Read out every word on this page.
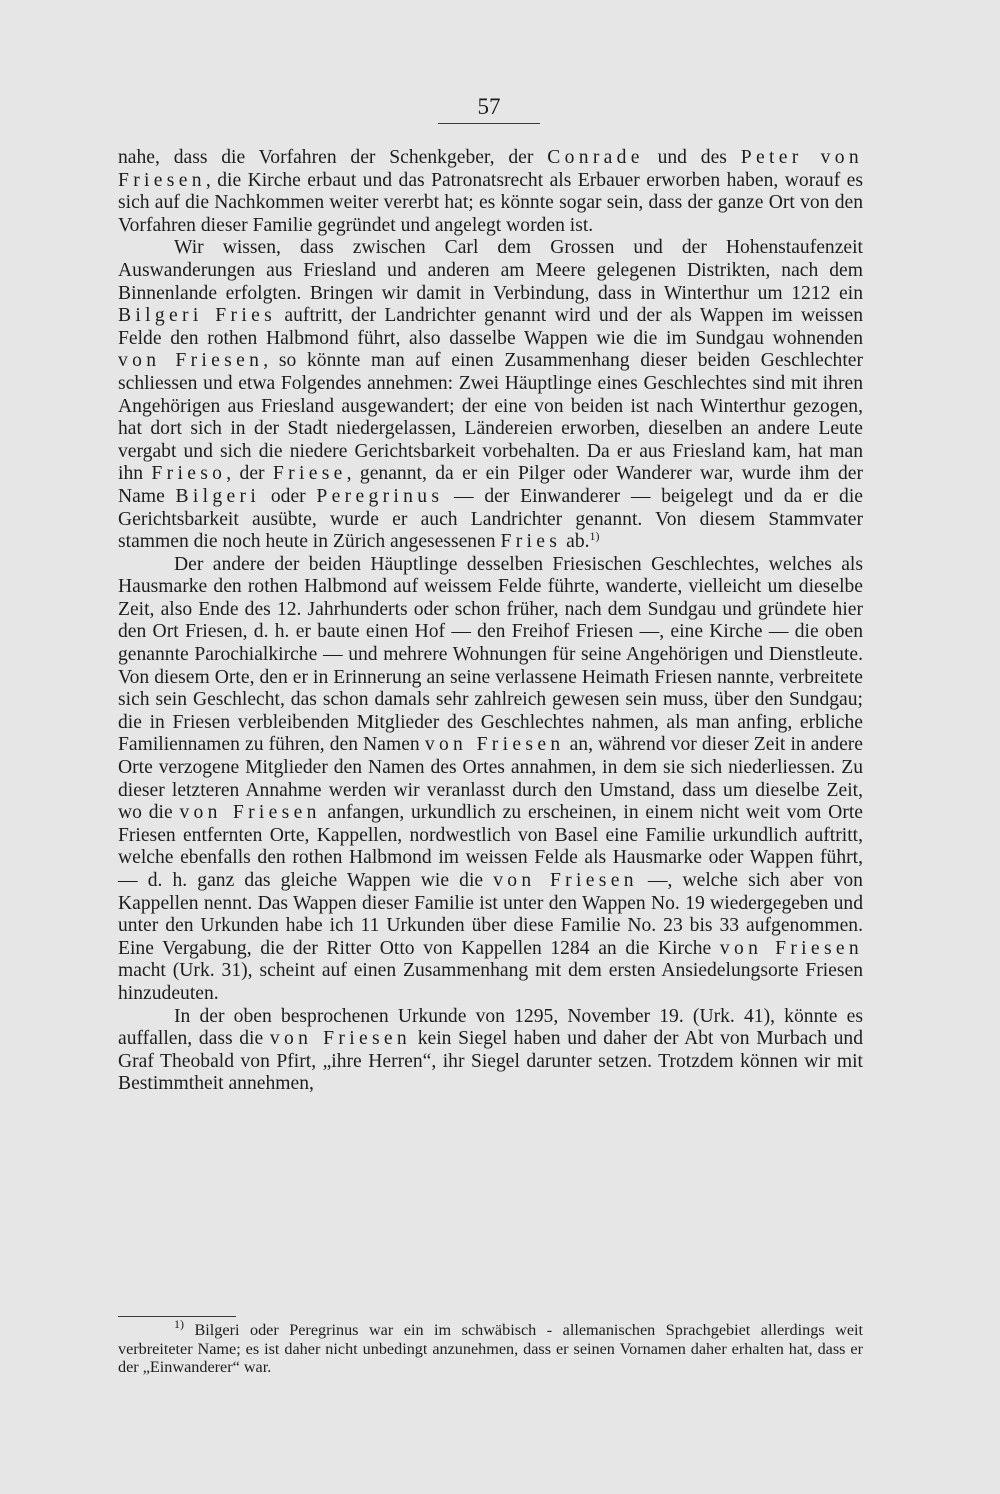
57

nahe, dass die Vorfahren der Schenkgeber, der Conrade und des Peter von Friesen, die Kirche erbaut und das Patronatsrecht als Erbauer erworben haben, worauf es sich auf die Nachkommen weiter vererbt hat; es könnte sogar sein, dass der ganze Ort von den Vorfahren dieser Familie gegründet und angelegt worden ist.

Wir wissen, dass zwischen Carl dem Grossen und der Hohenstaufenzeit Auswanderungen aus Friesland und anderen am Meere gelegenen Distrikten, nach dem Binnenlande erfolgten. Bringen wir damit in Verbindung, dass in Winterthur um 1212 ein Bilgeri Fries auftritt, der Landrichter genannt wird und der als Wappen im weissen Felde den rothen Halbmond führt, also dasselbe Wappen wie die im Sundgau wohnenden von Friesen, so könnte man auf einen Zusammenhang dieser beiden Geschlechter schliessen und etwa Folgendes annehmen: Zwei Häuptlinge eines Geschlechtes sind mit ihren Angehörigen aus Friesland ausgewandert; der eine von beiden ist nach Winterthur gezogen, hat dort sich in der Stadt niedergelassen, Ländereien erworben, dieselben an andere Leute vergabt und sich die niedere Gerichtsbarkeit vorbehalten. Da er aus Friesland kam, hat man ihn Frieso, der Friese, genannt, da er ein Pilger oder Wanderer war, wurde ihm der Name Bilgeri oder Peregrinus — der Einwanderer — beigelegt und da er die Gerichtsbarkeit ausübte, wurde er auch Landrichter genannt. Von diesem Stammvater stammen die noch heute in Zürich angesessenen Fries ab.$^{1)}$

Der andere der beiden Häuptlinge desselben Friesischen Geschlechtes, welches als Hausmarke den rothen Halbmond auf weissem Felde führte, wanderte, vielleicht um dieselbe Zeit, also Ende des 12. Jahrhunderts oder schon früher, nach dem Sundgau und gründete hier den Ort Friesen, d. h. er baute einen Hof — den Freihof Friesen —, eine Kirche — die oben genannte Parochialkirche — und mehrere Wohnungen für seine Angehörigen und Dienstleute. Von diesem Orte, den er in Erinnerung an seine verlassene Heimath Friesen nannte, verbreitete sich sein Geschlecht, das schon damals sehr zahlreich gewesen sein muss, über den Sundgau; die in Friesen verbleibenden Mitglieder des Geschlechtes nahmen, als man anfing, erbliche Familiennamen zu führen, den Namen von Friesen an, während vor dieser Zeit in andere Orte verzogene Mitglieder den Namen des Ortes annahmen, in dem sie sich niederliessen. Zu dieser letzteren Annahme werden wir veranlasst durch den Umstand, dass um dieselbe Zeit, wo die von Friesen anfangen, urkundlich zu erscheinen, in einem nicht weit vom Orte Friesen entfernten Orte, Kappellen, nordwestlich von Basel eine Familie urkundlich auftritt, welche ebenfalls den rothen Halbmond im weissen Felde als Hausmarke oder Wappen führt, — d. h. ganz das gleiche Wappen wie die von Friesen —, welche sich aber von Kappellen nennt. Das Wappen dieser Familie ist unter den Wappen No. 19 wiedergegeben und unter den Urkunden habe ich 11 Urkunden über diese Familie No. 23 bis 33 aufgenommen. Eine Vergabung, die der Ritter Otto von Kappellen 1284 an die Kirche von Friesen macht (Urk. 31), scheint auf einen Zusammenhang mit dem ersten Ansiedelungsorte Friesen hinzudeuten.

In der oben besprochenen Urkunde von 1295, November 19. (Urk. 41), könnte es auffallen, dass die von Friesen kein Siegel haben und daher der Abt von Murbach und Graf Theobald von Pfirt, „ihre Herren“, ihr Siegel darunter setzen. Trotzdem können wir mit Bestimmtheit annehmen,

$^{1)}$ Bilgeri oder Peregrinus war ein im schwäbisch - allemanischen Sprachgebiet allerdings weit verbreiteter Name; es ist daher nicht unbedingt anzunehmen, dass er seinen Vornamen daher erhalten hat, dass er der „Einwanderer“ war.
